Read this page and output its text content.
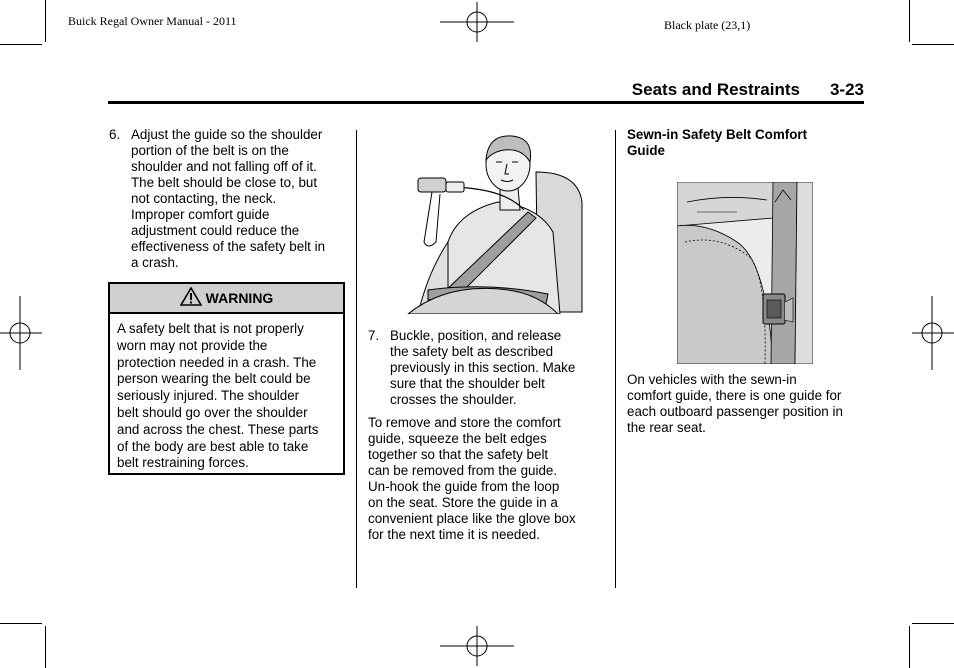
Buick Regal Owner Manual - 2011	Black plate (23,1)
Seats and Restraints 3-23
6. Adjust the guide so the shoulder
portion of the belt is on the
shoulder and not falling off of it.
The belt should be close to, but
not contacting, the neck.
Improper comfort guide
adjustment could reduce the
effectiveness of the safety belt in
a crash.
WARNING
A safety belt that is not properly
worn may not provide the
protection needed in a crash. The
person wearing the belt could be
seriously injured. The shoulder
belt should go over the shoulder
and across the chest. These parts
of the body are best able to take
belt restraining forces.
7. Buckle, position, and release
the safety belt as described
previously in this section. Make
sure that the shoulder belt
crosses the shoulder.
To remove and store the comfort
guide, squeeze the belt edges
together so that the safety belt
can be removed from the guide.
Un-hook the guide from the loop
on the seat. Store the guide in a
convenient place like the glove box
for the next time it is needed.
Sewn-in Safety Belt Comfort
Guide
On vehicles with the sewn-in
comfort guide, there is one guide for
each outboard passenger position in
the rear seat.
